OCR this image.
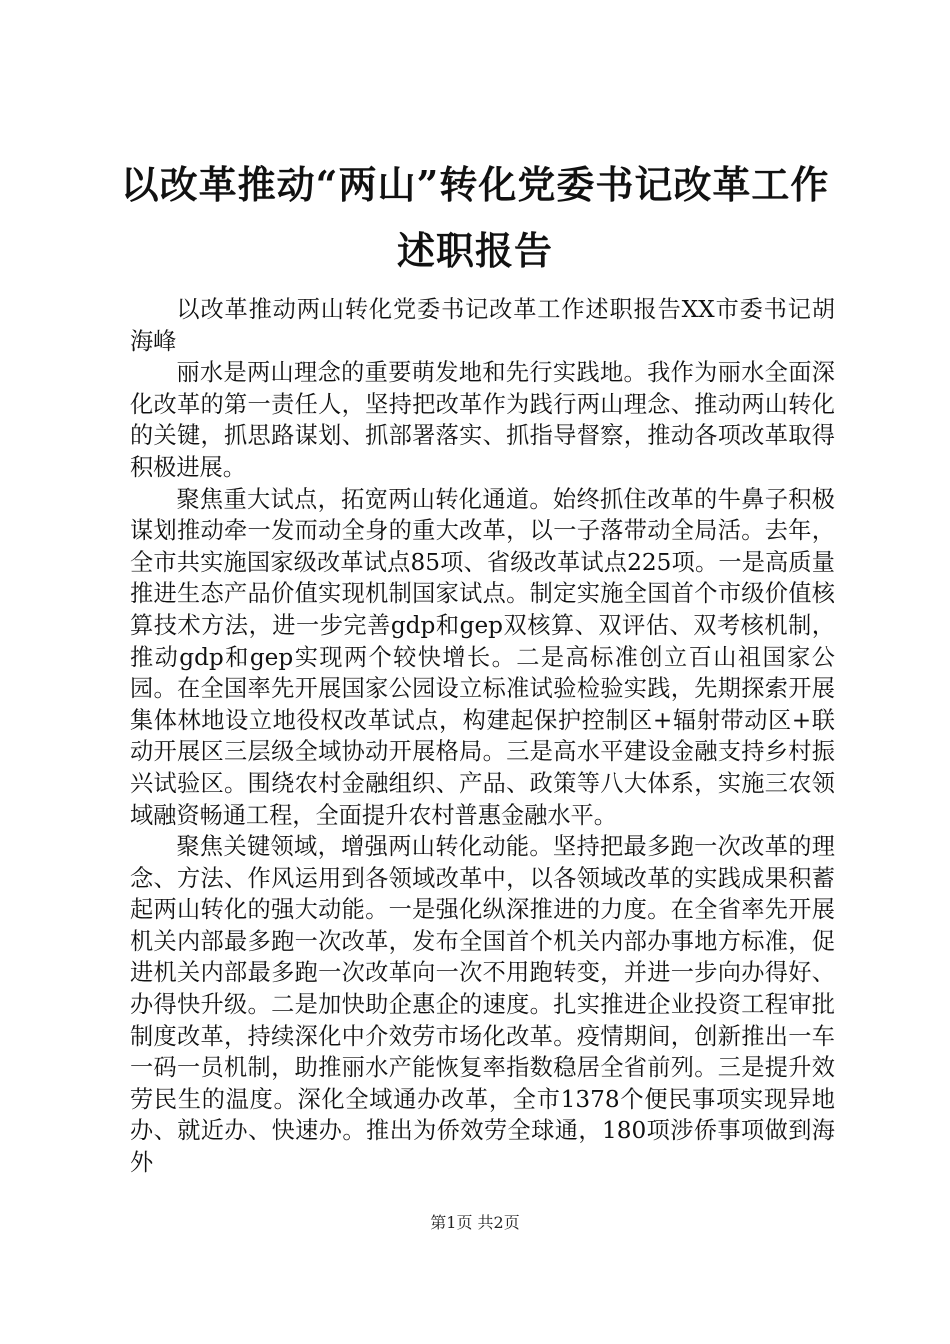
以改革推动“两山”转化党委书记改革工作述职报告

以改革推动两山转化党委书记改革工作述职报告XX市委书记胡海峰

丽水是两山理念的重要萌发地和先行实践地。我作为丽水全面深化改革的第一责任人，坚持把改革作为践行两山理念、推动两山转化的关键，抓思路谋划、抓部署落实、抓指导督察，推动各项改革取得积极进展。

聚焦重大试点，拓宽两山转化通道。始终抓住改革的牛鼻子积极谋划推动牵一发而动全身的重大改革，以一子落带动全局活。去年，全市共实施国家级改革试点85项、省级改革试点225项。一是高质量推进生态产品价值实现机制国家试点。制定实施全国首个市级价值核算技术方法，进一步完善gdp和gep双核算、双评估、双考核机制，推动gdp和gep实现两个较快增长。二是高标准创立百山祖国家公园。在全国率先开展国家公园设立标准试验检验实践，先期探索开展集体林地设立地役权改革试点，构建起保护控制区+辐射带动区+联动开展区三层级全域协动开展格局。三是高水平建设金融支持乡村振兴试验区。围绕农村金融组织、产品、政策等八大体系，实施三农领域融资畅通工程，全面提升农村普惠金融水平。

聚焦关键领域，增强两山转化动能。坚持把最多跑一次改革的理念、方法、作风运用到各领域改革中，以各领域改革的实践成果积蓄起两山转化的强大动能。一是强化纵深推进的力度。在全省率先开展机关内部最多跑一次改革，发布全国首个机关内部办事地方标准，促进机关内部最多跑一次改革向一次不用跑转变，并进一步向办得好、办得快升级。二是加快助企惠企的速度。扎实推进企业投资工程审批制度改革，持续深化中介效劳市场化改革。疫情期间，创新推出一车一码一员机制，助推丽水产能恢复率指数稳居全省前列。三是提升效劳民生的温度。深化全域通办改革，全市1378个便民事项实现异地办、就近办、快速办。推出为侨效劳全球通，180项涉侨事项做到海外

第1页 共2页
